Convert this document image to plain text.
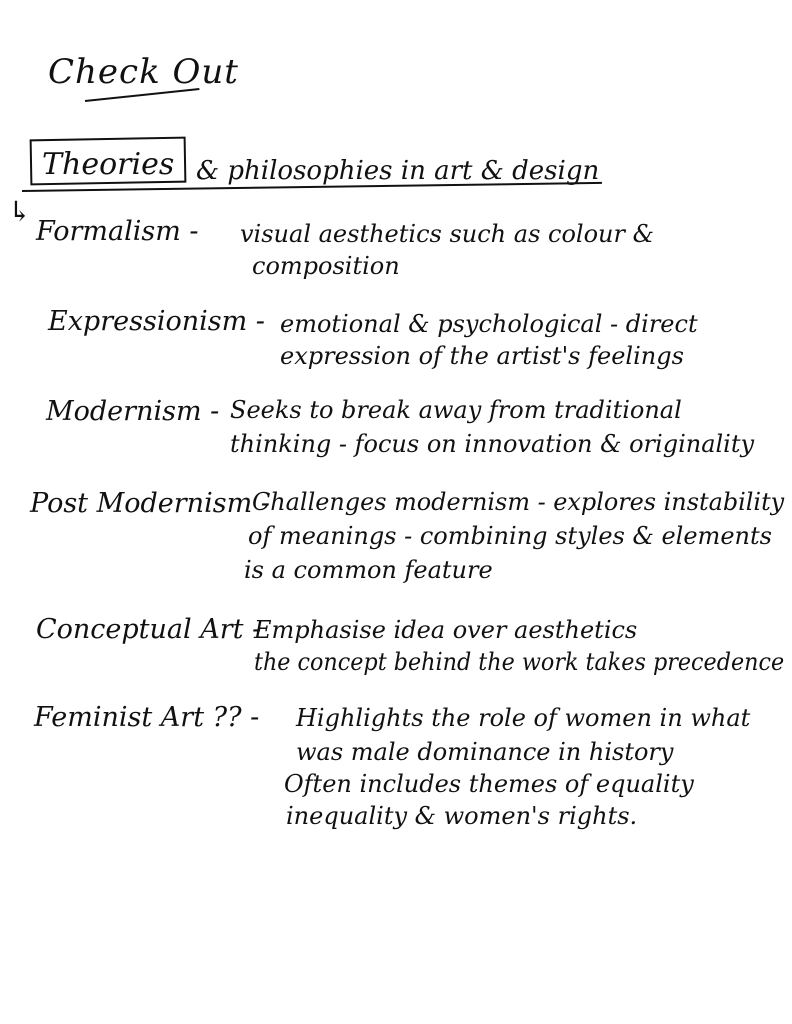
Check Out
Theories & philosophies in art & design
↳
Formalism - visual aesthetics such as colour &
composition
Expressionism - emotional & psychological - direct
expression of the artist's feelings
Modernism - Seeks to break away from traditional
thinking - focus on innovation & originality
Post Modernism -
Challenges modernism - explores instability
of meanings - combining styles & elements
is a common feature
Conceptual Art -
Emphasise idea over aesthetics
the concept behind the work takes precedence
Feminist Art ?? - Highlights the role of women in what
was male dominance in history
Often includes themes of equality
inequality & women's rights.
